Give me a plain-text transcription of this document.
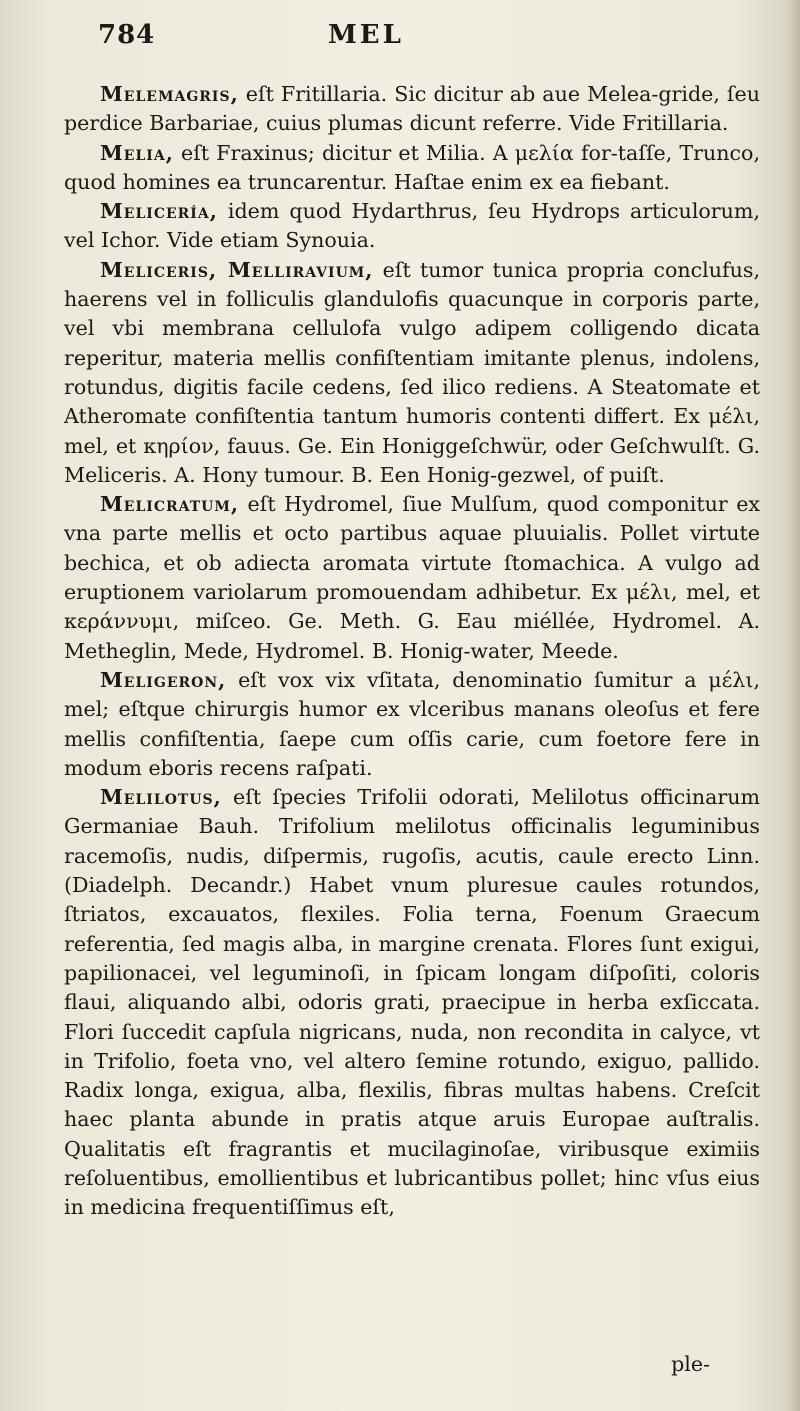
784	MEL

Melemagris, eſt Fritillaria. Sic dicitur ab aue Melea-gride, ſeu perdice Barbariae, cuius plumas dicunt referre. Vide Fritillaria.

Melia, eſt Fraxinus; dicitur et Milia. A μελία for-taſſe, Trunco, quod homines ea truncarentur. Haſtae enim ex ea fiebant.

Melicería, idem quod Hydarthrus, ſeu Hydrops articulorum, vel Ichor. Vide etiam Synouia.

Meliceris, Melliravium, eſt tumor tunica propria conclufus, haerens vel in folliculis glandulofis quacunque in corporis parte, vel vbi membrana cellulofa vulgo adipem colligendo dicata reperitur, materia mellis confiſtentiam imitante plenus, indolens, rotundus, digitis facile cedens, ſed ilico rediens. A Steatomate et Atheromate confiſtentia tantum humoris contenti differt. Ex μέλι, mel, et κηρίον, fauus. Ge. Ein Honiggeſchwür, oder Geſchwulſt. G. Meliceris. A. Hony tumour. B. Een Honig-gezwel, of puiſt.

Melicratum, eſt Hydromel, ſiue Mulſum, quod componitur ex vna parte mellis et octo partibus aquae pluuialis. Pollet virtute bechica, et ob adiecta aromata virtute ſtomachica. A vulgo ad eruptionem variolarum promouendam adhibetur. Ex μέλι, mel, et κεράννυμι, miſceo. Ge. Meth. G. Eau miéllée, Hydromel. A. Metheglin, Mede, Hydromel. B. Honig-water, Meede.

Meligeron, eſt vox vix vſitata, denominatio ſumitur a μέλι, mel; eſtque chirurgis humor ex vlceribus manans oleoſus et fere mellis confiſtentia, ſaepe cum oſſis carie, cum foetore fere in modum eboris recens raſpati.

Melilotus, eſt ſpecies Trifolii odorati, Melilotus officinarum Germaniae Bauh. Trifolium melilotus officinalis leguminibus racemoſis, nudis, diſpermis, rugoſis, acutis, caule erecto Linn. (Diadelph. Decandr.) Habet vnum pluresue caules rotundos, ſtriatos, excauatos, flexiles. Folia terna, Foenum Graecum referentia, ſed magis alba, in margine crenata. Flores ſunt exigui, papilionacei, vel leguminoſi, in ſpicam longam diſpoſiti, coloris flaui, aliquando albi, odoris grati, praecipue in herba exſiccata. Flori ſuccedit capſula nigricans, nuda, non recondita in calyce, vt in Trifolio, foeta vno, vel altero ſemine rotundo, exiguo, pallido. Radix longa, exigua, alba, flexilis, fibras multas habens. Creſcit haec planta abunde in pratis atque aruis Europae auſtralis. Qualitatis eſt fragrantis et mucilaginoſae, viribusque eximiis reſoluentibus, emollientibus et lubricantibus pollet; hinc vſus eius in medicina frequentiſſimus eſt,

ple-
